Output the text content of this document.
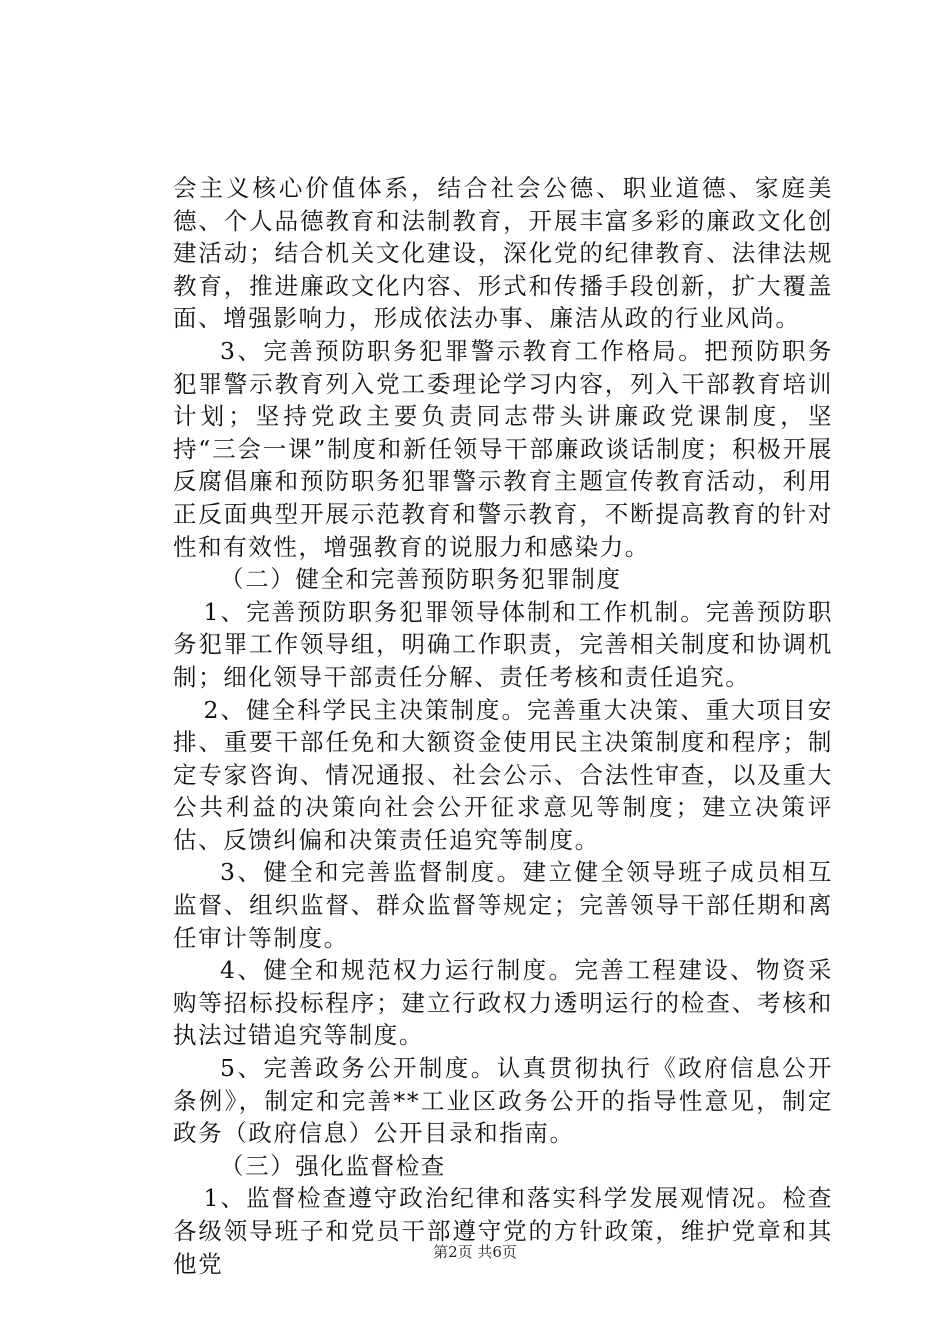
会主义核心价值体系，结合社会公德、职业道德、家庭美德、个人品德教育和法制教育，开展丰富多彩的廉政文化创建活动；结合机关文化建设，深化党的纪律教育、法律法规教育，推进廉政文化内容、形式和传播手段创新，扩大覆盖面、增强影响力，形成依法办事、廉洁从政的行业风尚。

3、完善预防职务犯罪警示教育工作格局。把预防职务犯罪警示教育列入党工委理论学习内容，列入干部教育培训计划；坚持党政主要负责同志带头讲廉政党课制度，坚持“三会一课”制度和新任领导干部廉政谈话制度；积极开展反腐倡廉和预防职务犯罪警示教育主题宣传教育活动，利用正反面典型开展示范教育和警示教育，不断提高教育的针对性和有效性，增强教育的说服力和感染力。

（二）健全和完善预防职务犯罪制度

1、完善预防职务犯罪领导体制和工作机制。完善预防职务犯罪工作领导组，明确工作职责，完善相关制度和协调机制；细化领导干部责任分解、责任考核和责任追究。

2、健全科学民主决策制度。完善重大决策、重大项目安排、重要干部任免和大额资金使用民主决策制度和程序；制定专家咨询、情况通报、社会公示、合法性审查，以及重大公共利益的决策向社会公开征求意见等制度；建立决策评估、反馈纠偏和决策责任追究等制度。

3、健全和完善监督制度。建立健全领导班子成员相互监督、组织监督、群众监督等规定；完善领导干部任期和离任审计等制度。

4、健全和规范权力运行制度。完善工程建设、物资采购等招标投标程序；建立行政权力透明运行的检查、考核和执法过错追究等制度。

5、完善政务公开制度。认真贯彻执行《政府信息公开条例》，制定和完善**工业区政务公开的指导性意见，制定政务（政府信息）公开目录和指南。

（三）强化监督检查

1、监督检查遵守政治纪律和落实科学发展观情况。检查各级领导班子和党员干部遵守党的方针政策，维护党章和其他党	第2页 共6页
